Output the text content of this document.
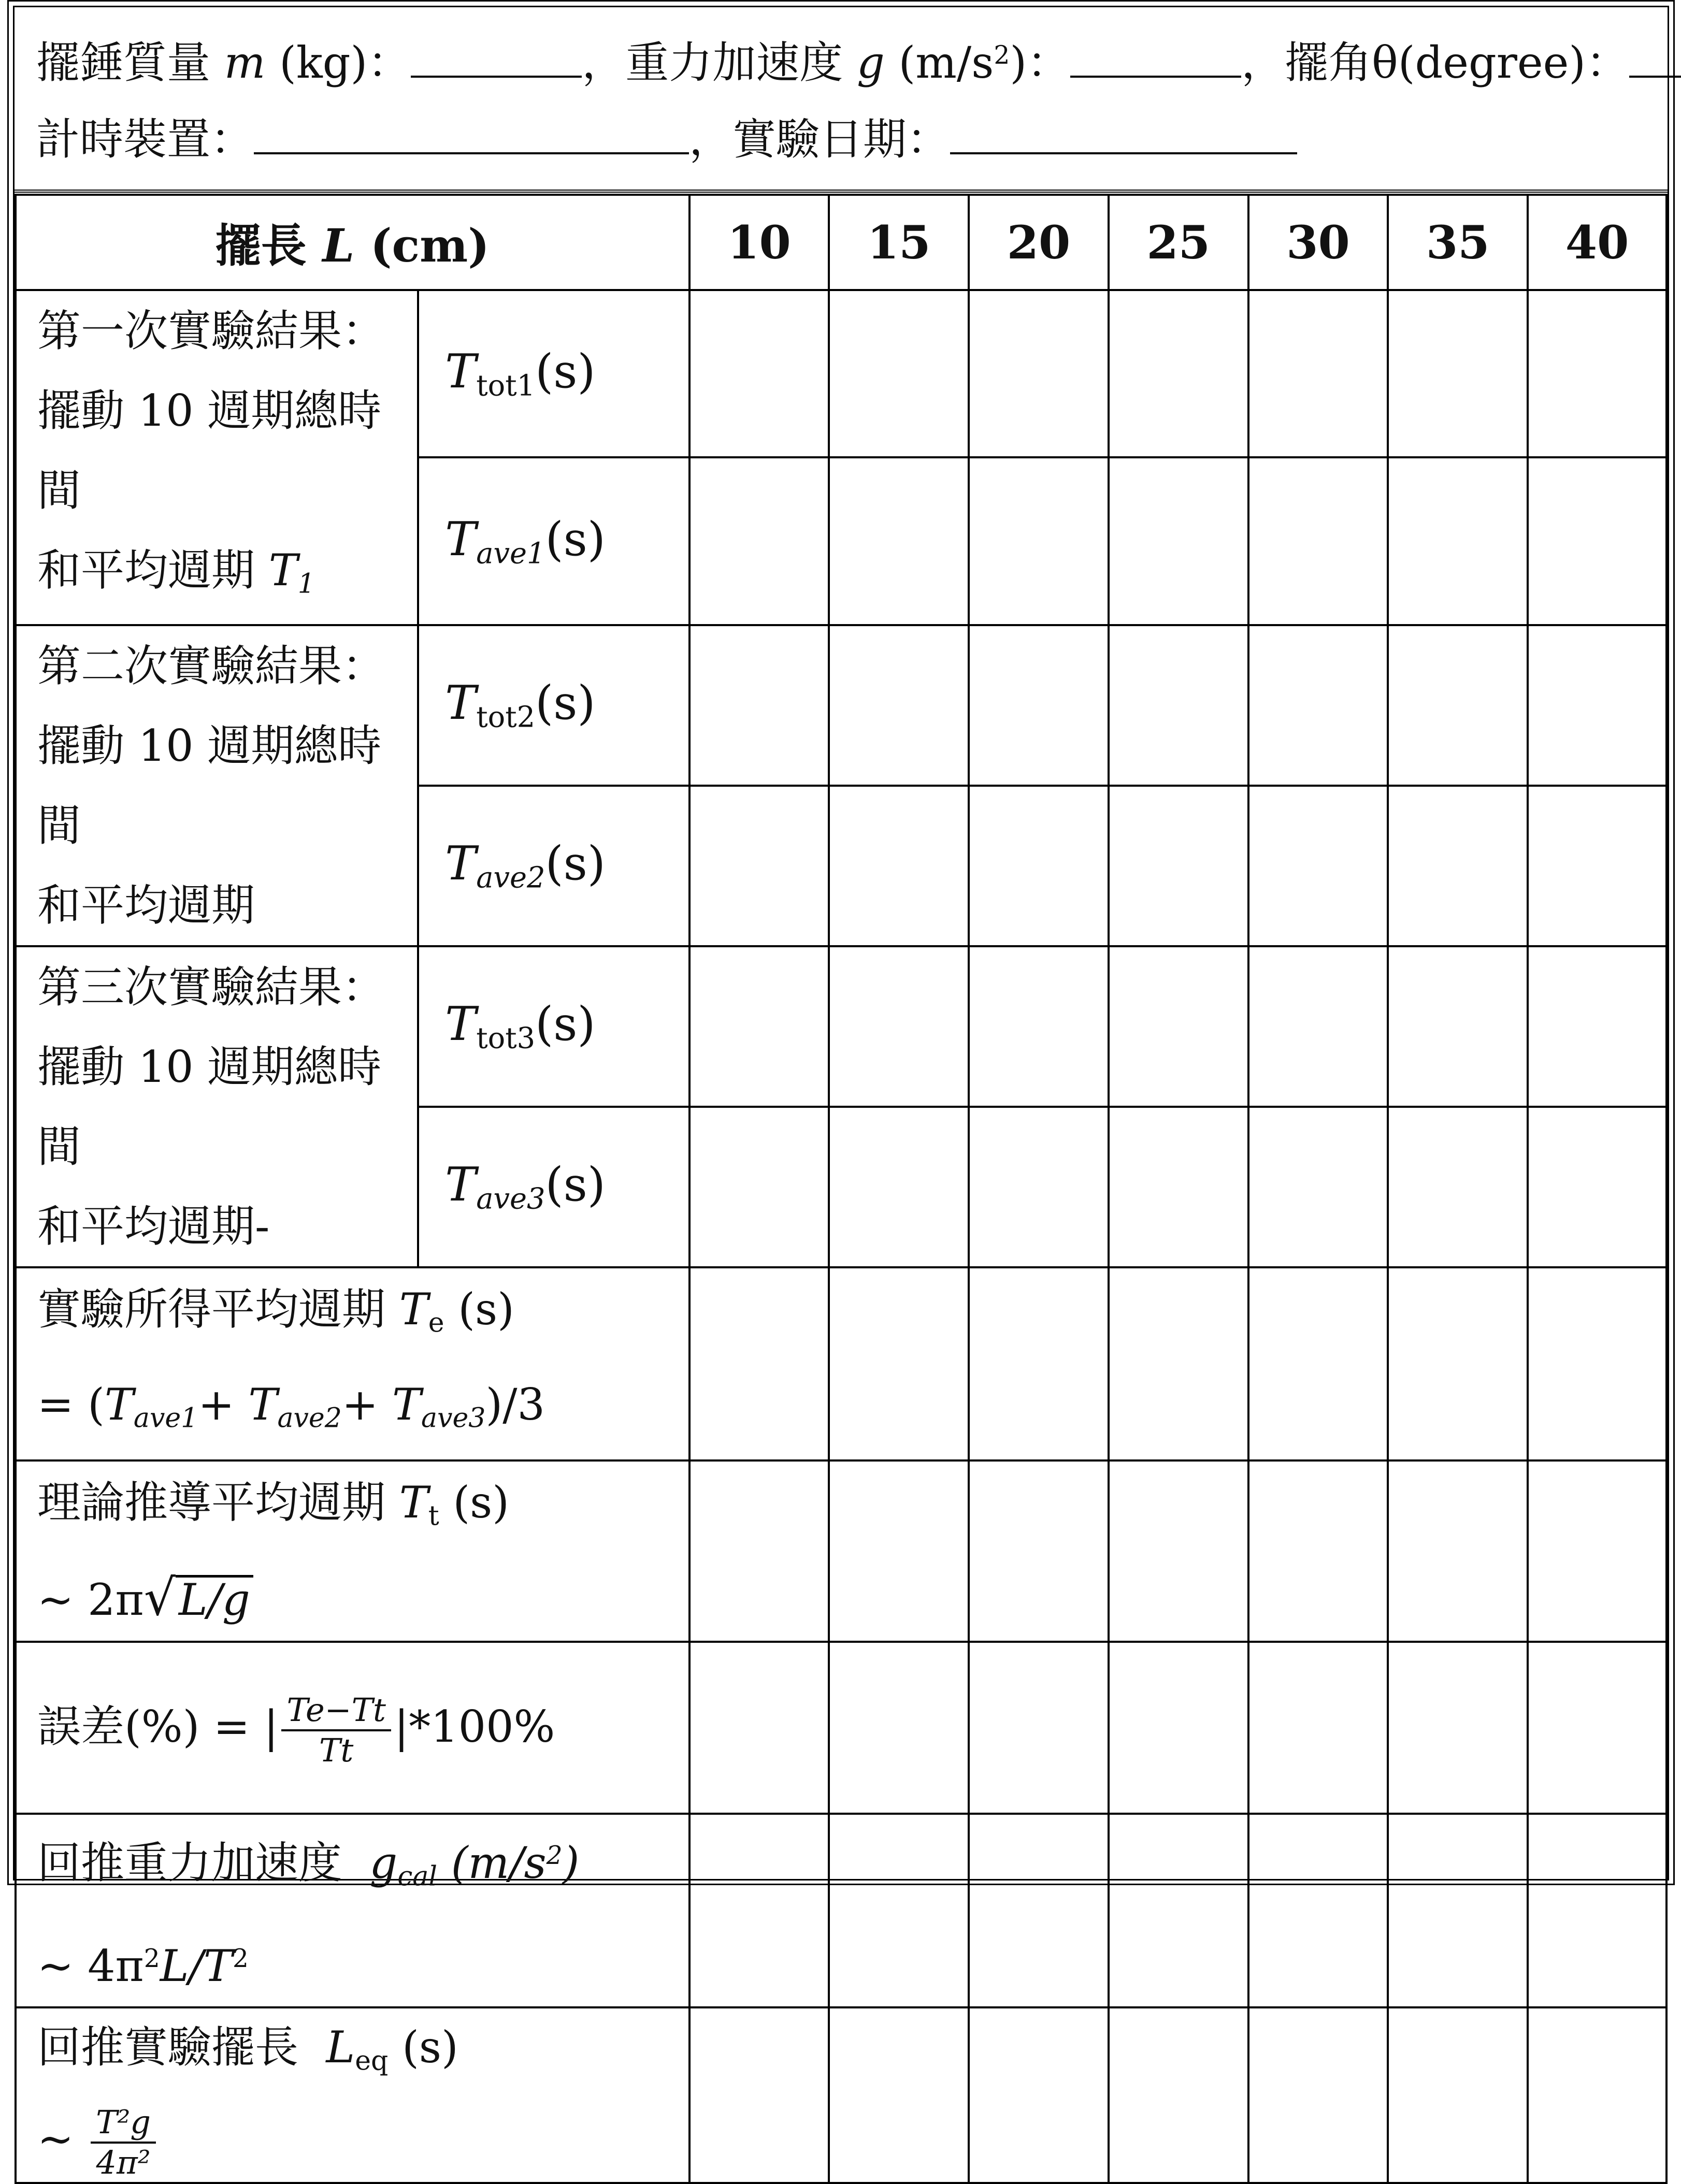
擺錘質量 m (kg)：	，重力加速度 g $(m/s^2)$：	，擺角θ(degree)：
計時裝置：	，實驗日期：
擺長 L (cm)		10	15	20	25	30	35	40

第一次實驗結果：
擺動 10 週期總時間
和平均週期 T1	Ttot1(s)							
	Tave1(s)							

第二次實驗結果：
擺動 10 週期總時間
和平均週期	Ttot2(s)							
	Tave2(s)							

第三次實驗結果：
擺動 10 週期總時間
和平均週期-	Ttot3(s)							
	Tave3(s)							

實驗所得平均週期 Te (s)
= (Tave1+ Tave2+ Tave3)/3								

理論推導平均週期 Tt (s)
~ 2π√L/g								

誤差(%) = | $\frac{Te-Tt}{Tt} |*100\%$								

回推重力加速度 gcal $(m/s^2)$
~ $4\pi^2L/T^2$

回推實驗擺長 Leq (s)
~ $\frac{\text{T²g}}{\text{4π²}}$
